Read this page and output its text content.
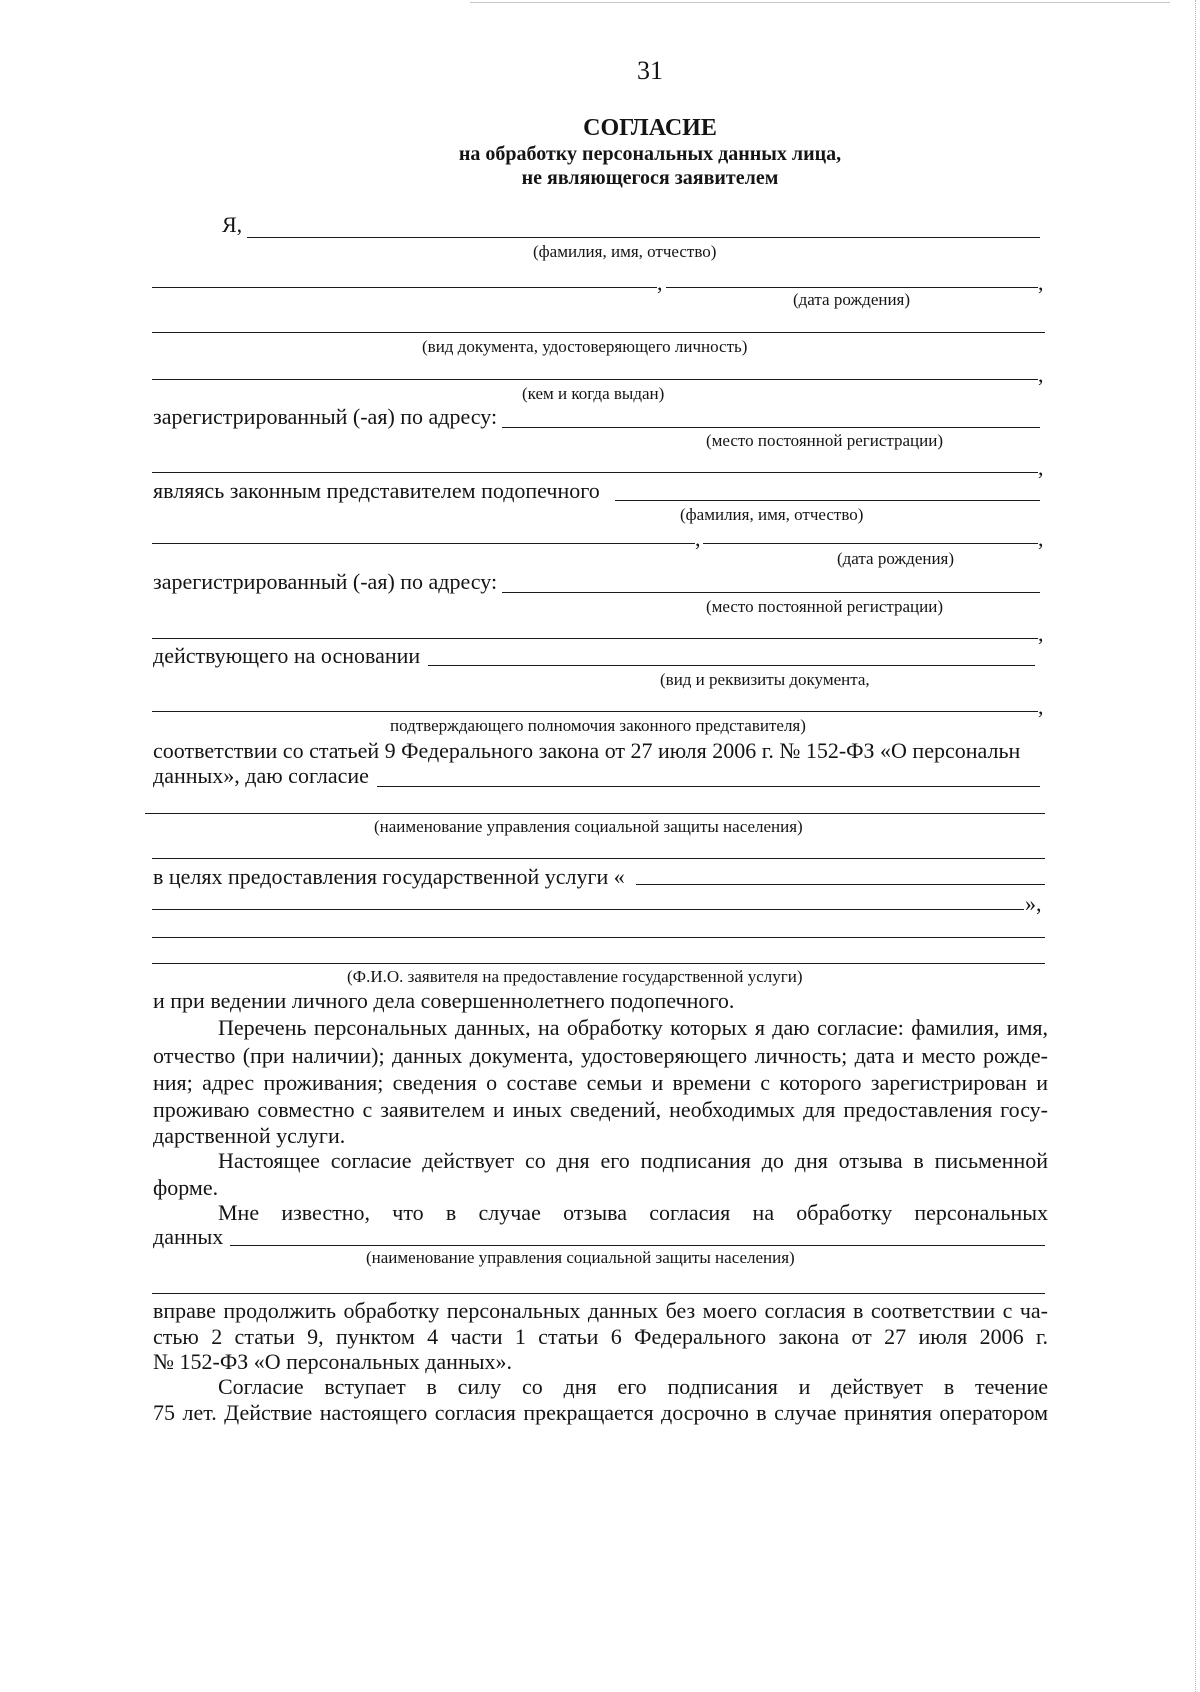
31
СОГЛАСИЕ
на обработку персональных данных лица,
не являющегося заявителем
Я,
(фамилия, имя, отчество)
,	,
(дата рождения)
(вид документа, удостоверяющего личность)
,
(кем и когда выдан)
зарегистрированный (-ая) по адресу:
(место постоянной регистрации)
,
являясь законным представителем подопечного
(фамилия, имя, отчество)
,	,
(дата рождения)
зарегистрированный (-ая) по адресу:
(место постоянной регистрации)
,
действующего на основании
(вид и реквизиты документа,
,
подтверждающего полномочия законного представителя)
соответствии со статьей 9 Федерального закона от 27 июля 2006 г. № 152-ФЗ «О персональн
данных», даю согласие
(наименование управления социальной защиты населения)
в целях предоставления государственной услуги «
»,
(Ф.И.О. заявителя на предоставление государственной услуги)
и при ведении личного дела совершеннолетнего подопечного.
Перечень персональных данных, на обработку которых я даю согласие: фамилия, имя,
отчество (при наличии); данных документа, удостоверяющего личность; дата и место рожде-
ния; адрес проживания; сведения о составе семьи и времени с которого зарегистрирован и
проживаю совместно с заявителем и иных сведений, необходимых для предоставления госу-
дарственной услуги.
Настоящее согласие действует со дня его подписания до дня отзыва в письменной
форме.
Мне известно, что в случае отзыва согласия на обработку персональных
данных
(наименование управления социальной защиты населения)
вправе продолжить обработку персональных данных без моего согласия в соответствии с ча-
стью 2 статьи 9, пунктом 4 части 1 статьи 6 Федерального закона от 27 июля 2006 г.
№ 152-ФЗ «О персональных данных».
Согласие вступает в силу со дня его подписания и действует в течение
75 лет. Действие настоящего согласия прекращается досрочно в случае принятия оператором
